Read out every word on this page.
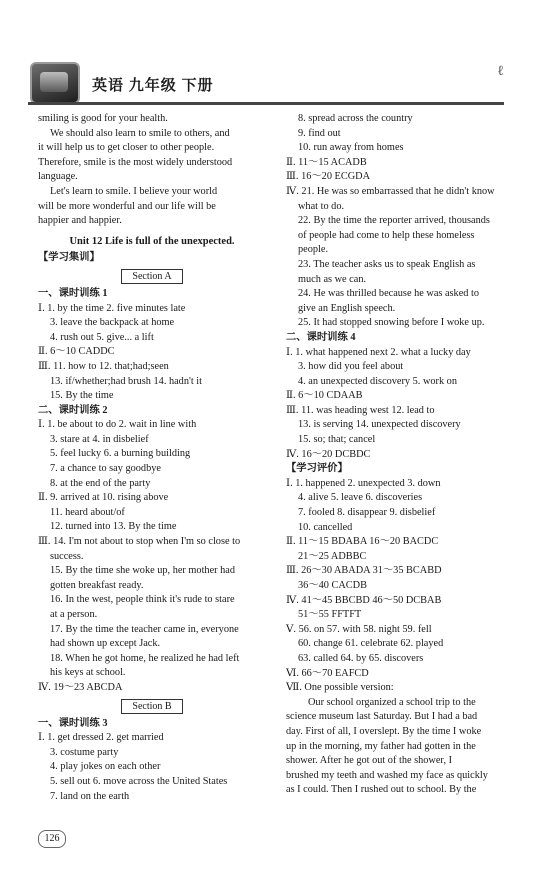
英语 九年级 下册
ℓ
smiling is good for your health.
We should also learn to smile to others, and
it will help us to get closer to other people.
Therefore, smile is the most widely understood
language.
Let's learn to smile. I believe your world
will be more wonderful and our life will be
happier and happier.
Unit 12 Life is full of the unexpected.
【学习集训】
Section A
一、课时训练 1
Ⅰ. 1. by the time 2. five minutes late
3. leave the backpack at home
4. rush out 5. give... a lift
Ⅱ. 6～10 CADDC
Ⅲ. 11. how to 12. that;had;seen
13. if/whether;had brush 14. hadn't it
15. By the time
二、课时训练 2
Ⅰ. 1. be about to do 2. wait in line with
3. stare at 4. in disbelief
5. feel lucky 6. a burning building
7. a chance to say goodbye
8. at the end of the party
Ⅱ. 9. arrived at 10. rising above
11. heard about/of
12. turned into 13. By the time
Ⅲ. 14. I'm not about to stop when I'm so close to
success.
15. By the time she woke up, her mother had
gotten breakfast ready.
16. In the west, people think it's rude to stare
at a person.
17. By the time the teacher came in, everyone
had shown up except Jack.
18. When he got home, he realized he had left
his keys at school.
Ⅳ. 19～23 ABCDA
Section B
一、课时训练 3
Ⅰ. 1. get dressed 2. get married
3. costume party
4. play jokes on each other
5. sell out 6. move across the United States
7. land on the earth
8. spread across the country
9. find out
10. run away from homes
Ⅱ. 11～15 ACADB
Ⅲ. 16～20 ECGDA
Ⅳ. 21. He was so embarrassed that he didn't know
what to do.
22. By the time the reporter arrived, thousands
of people had come to help these homeless
people.
23. The teacher asks us to speak English as
much as we can.
24. He was thrilled because he was asked to
give an English speech.
25. It had stopped snowing before I woke up.
二、课时训练 4
Ⅰ. 1. what happened next 2. what a lucky day
3. how did you feel about
4. an unexpected discovery 5. work on
Ⅱ. 6～10 CDAAB
Ⅲ. 11. was heading west 12. lead to
13. is serving 14. unexpected discovery
15. so; that; cancel
Ⅳ. 16～20 DCBDC
【学习评价】
Ⅰ. 1. happened 2. unexpected 3. down
4. alive 5. leave 6. discoveries
7. fooled 8. disappear 9. disbelief
10. cancelled
Ⅱ. 11～15 BDABA 16～20 BACDC
21～25 ADBBC
Ⅲ. 26～30 ABADA 31～35 BCABD
36～40 CACDB
Ⅳ. 41～45 BBCBD 46～50 DCBAB
51～55 FFTFT
Ⅴ. 56. on 57. with 58. night 59. fell
60. change 61. celebrate 62. played
63. called 64. by 65. discovers
Ⅵ. 66～70 EAFCD
Ⅶ. One possible version:
Our school organized a school trip to the
science museum last Saturday. But I had a bad
day. First of all, I overslept. By the time I woke
up in the morning, my father had gotten in the
shower. After he got out of the shower, I
brushed my teeth and washed my face as quickly
as I could. Then I rushed out to school. By the
126
